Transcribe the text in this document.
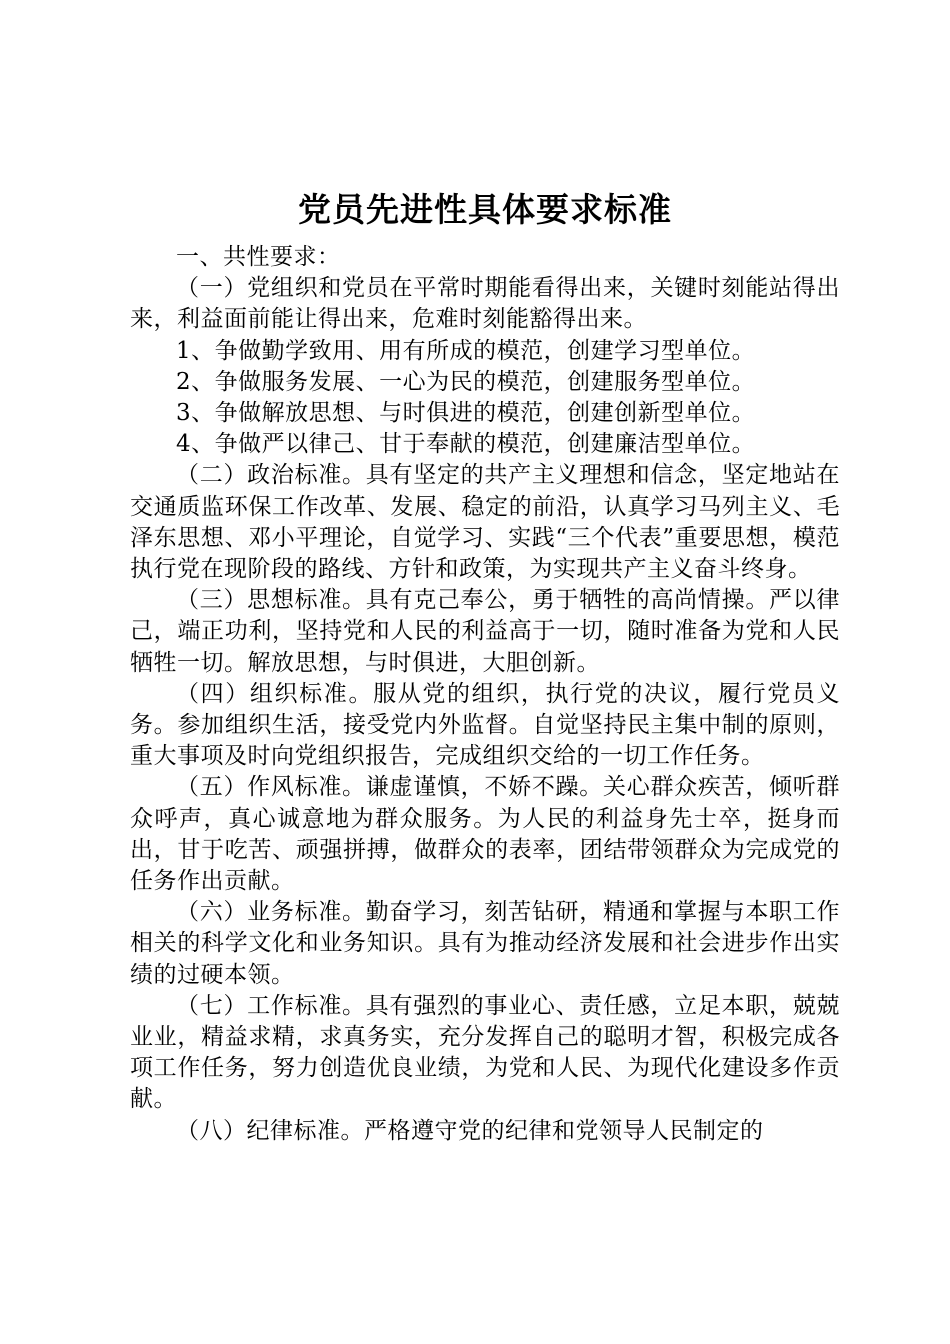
党员先进性具体要求标准

一、共性要求：

（一）党组织和党员在平常时期能看得出来，关键时刻能站得出来，利益面前能让得出来，危难时刻能豁得出来。

1、争做勤学致用、用有所成的模范，创建学习型单位。

2、争做服务发展、一心为民的模范，创建服务型单位。

3、争做解放思想、与时俱进的模范，创建创新型单位。

4、争做严以律己、甘于奉献的模范，创建廉洁型单位。

（二）政治标准。具有坚定的共产主义理想和信念，坚定地站在交通质监环保工作改革、发展、稳定的前沿，认真学习马列主义、毛泽东思想、邓小平理论，自觉学习、实践“三个代表”重要思想，模范执行党在现阶段的路线、方针和政策，为实现共产主义奋斗终身。

（三）思想标准。具有克己奉公，勇于牺牲的高尚情操。严以律己，端正功利，坚持党和人民的利益高于一切，随时准备为党和人民牺牲一切。解放思想，与时俱进，大胆创新。

（四）组织标准。服从党的组织，执行党的决议，履行党员义务。参加组织生活，接受党内外监督。自觉坚持民主集中制的原则，重大事项及时向党组织报告，完成组织交给的一切工作任务。

（五）作风标准。谦虚谨慎，不娇不躁。关心群众疾苦，倾听群众呼声，真心诚意地为群众服务。为人民的利益身先士卒，挺身而出，甘于吃苦、顽强拼搏，做群众的表率，团结带领群众为完成党的任务作出贡献。

（六）业务标准。勤奋学习，刻苦钻研，精通和掌握与本职工作相关的科学文化和业务知识。具有为推动经济发展和社会进步作出实绩的过硬本领。

（七）工作标准。具有强烈的事业心、责任感，立足本职，兢兢业业，精益求精，求真务实，充分发挥自己的聪明才智，积极完成各项工作任务，努力创造优良业绩，为党和人民、为现代化建设多作贡献。

（八）纪律标准。严格遵守党的纪律和党领导人民制定的
